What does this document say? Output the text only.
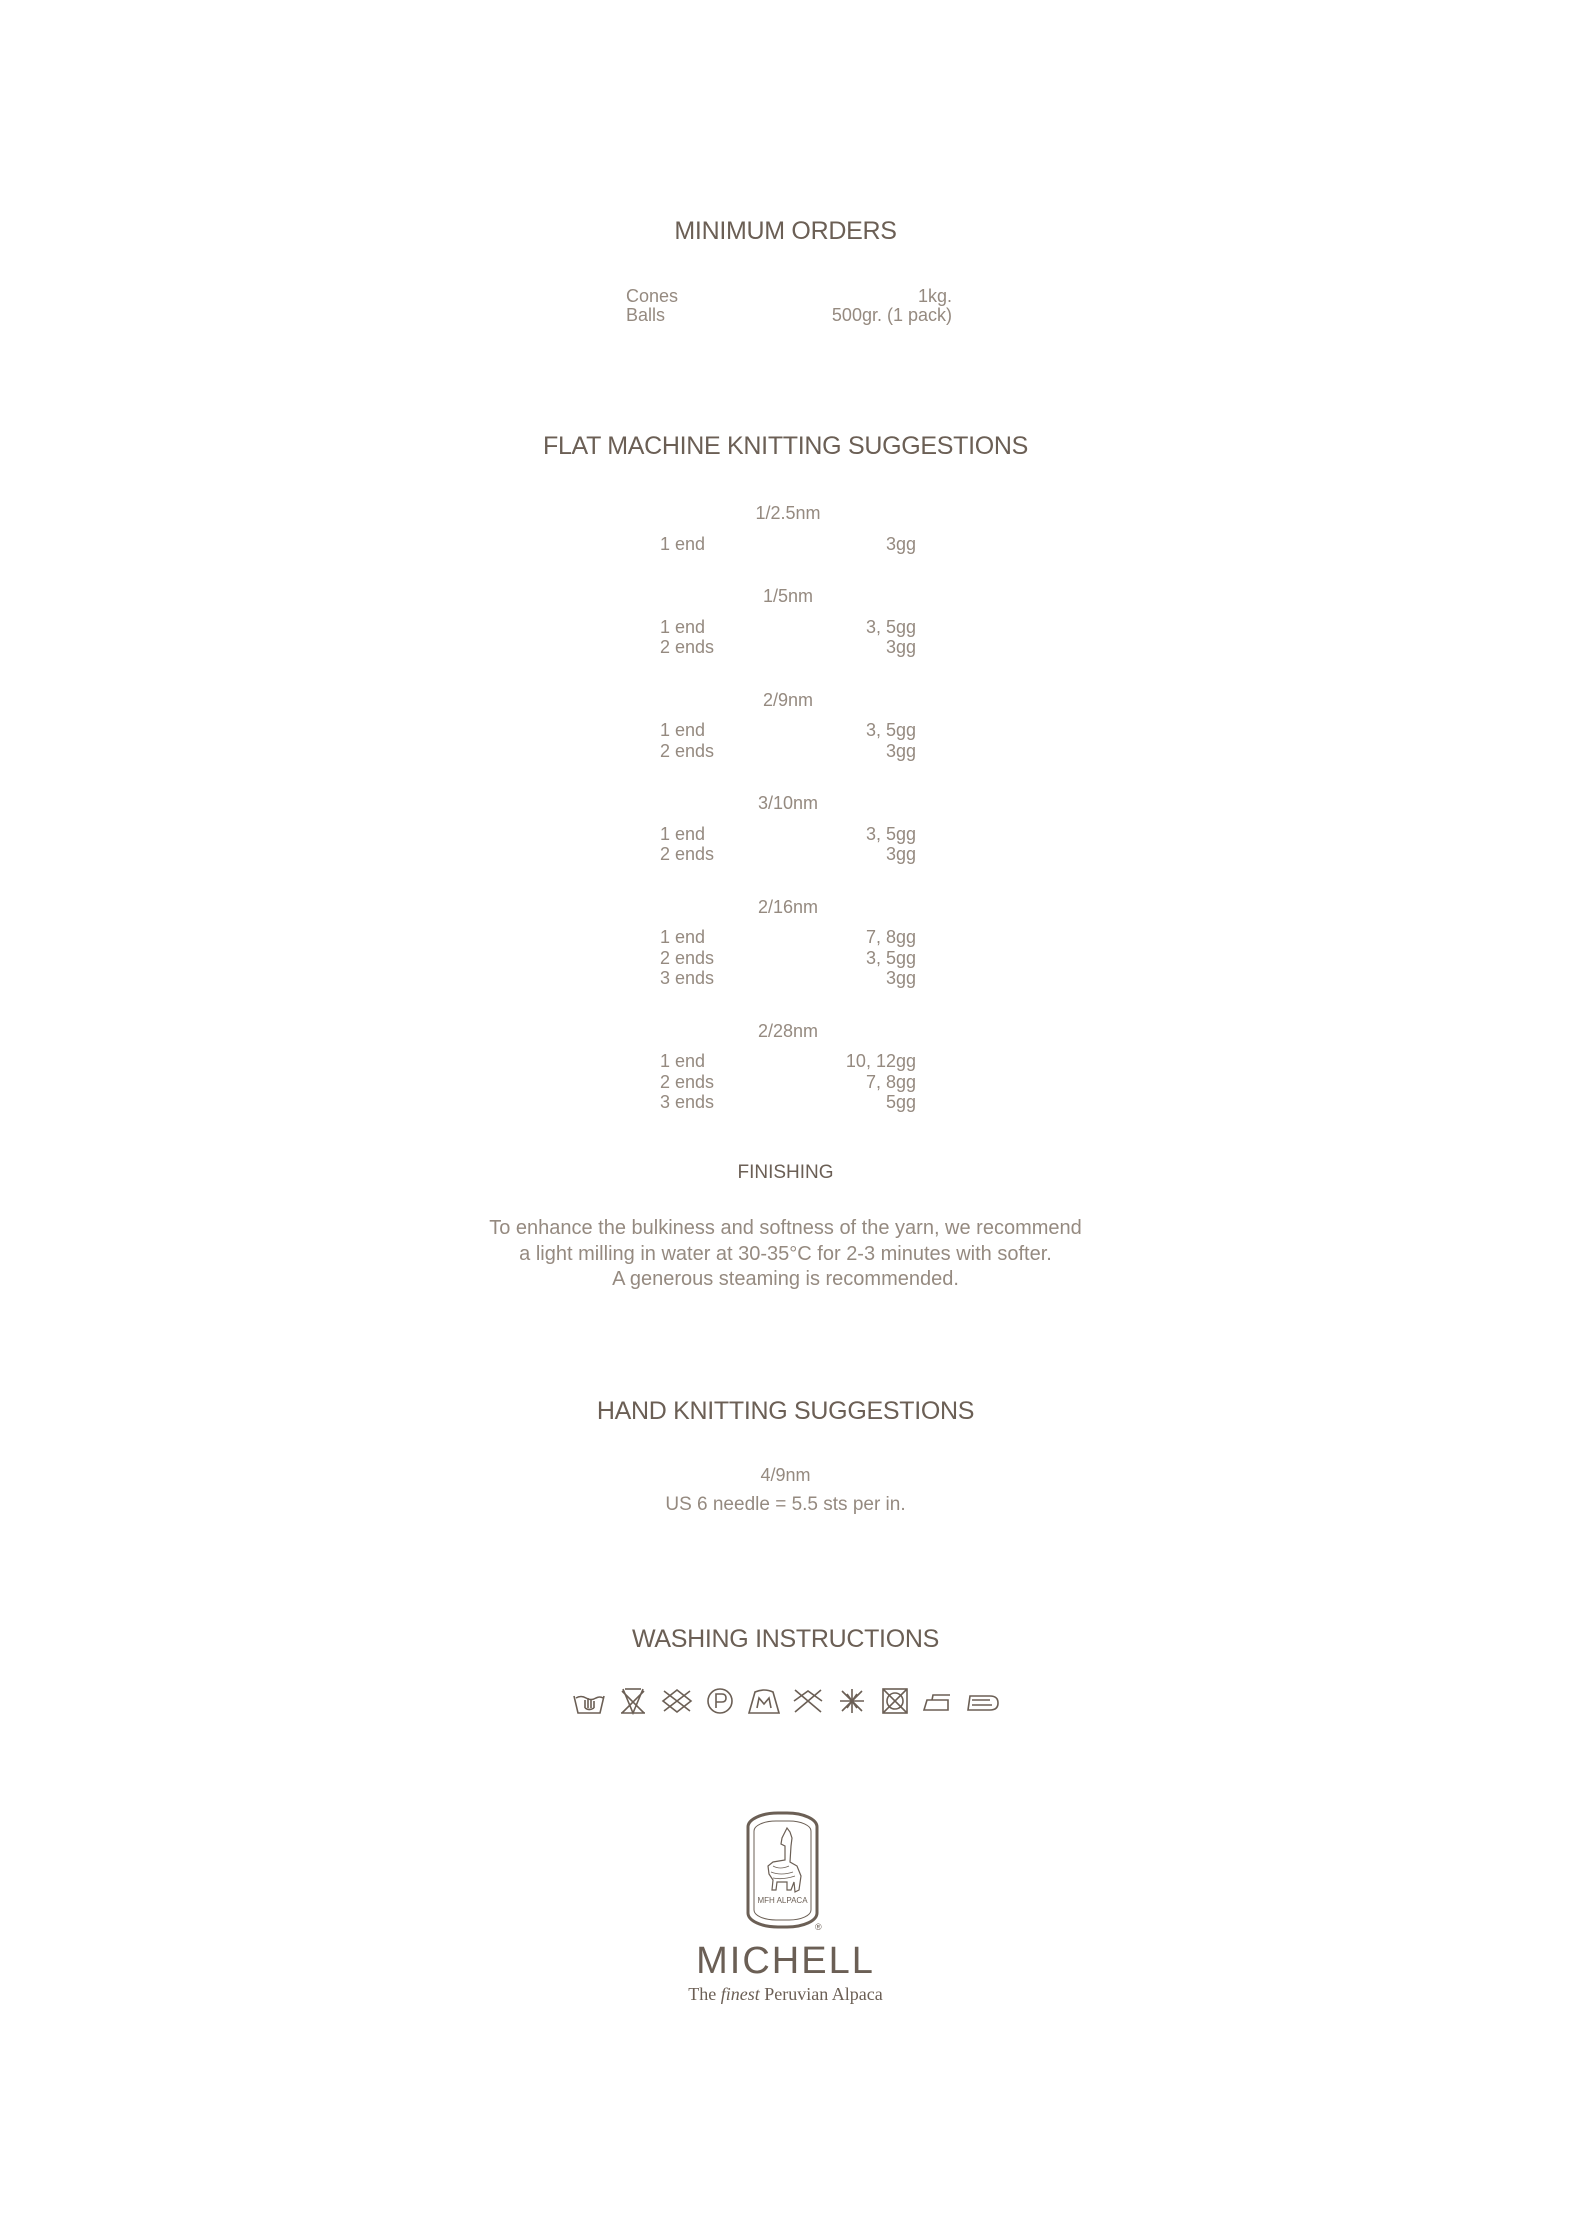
MINIMUM ORDERS
Cones	1kg.
Balls	500gr. (1 pack)
FLAT MACHINE KNITTING SUGGESTIONS
1/2.5nm
1 end	3gg
1/5nm
1 end	3, 5gg
2 ends	3gg
2/9nm
1 end	3, 5gg
2 ends	3gg
3/10nm
1 end	3, 5gg
2 ends	3gg
2/16nm
1 end	7, 8gg
2 ends	3, 5gg
3 ends	3gg
2/28nm
1 end	10, 12gg
2 ends	7, 8gg
3 ends	5gg
FINISHING

To enhance the bulkiness and softness of the yarn, we recommend

a light milling in water at 30-35°C for 2-3 minutes with softer.

A generous steaming is recommended.

HAND KNITTING SUGGESTIONS
4/9nm
US 6 needle = 5.5 sts per in.
WASHING INSTRUCTIONS
MFH ALPACA
®
MICHELL
The finest Peruvian Alpaca
